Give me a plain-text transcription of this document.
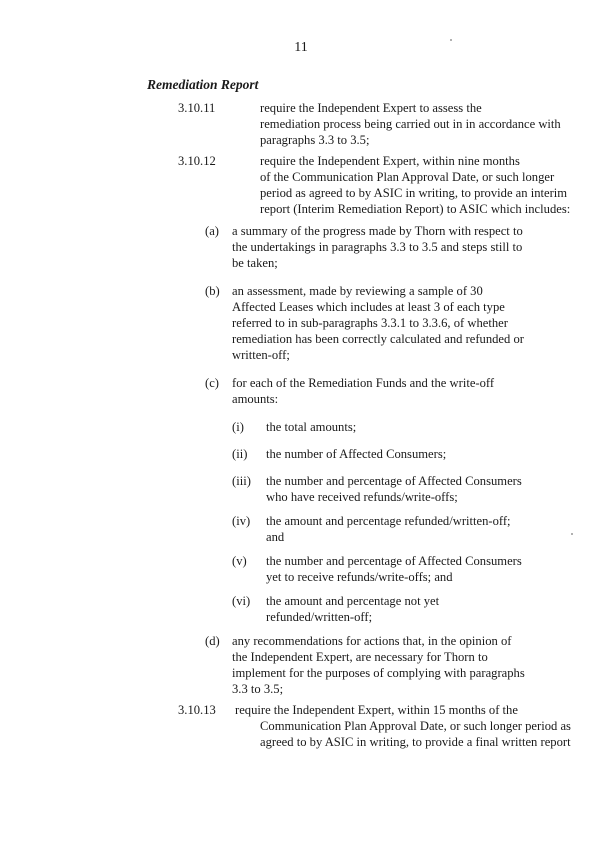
11
Remediation Report
3.10.11	require the Independent Expert to assess the
remediation process being carried out in in accordance with
paragraphs 3.3 to 3.5;
3.10.12	require the Independent Expert, within nine months
of the Communication Plan Approval Date, or such longer
period as agreed to by ASIC in writing, to provide an interim
report (Interim Remediation Report) to ASIC which includes:
(a) a summary of the progress made by Thorn with respect to
the undertakings in paragraphs 3.3 to 3.5 and steps still to
be taken;
(b) an assessment, made by reviewing a sample of 30
Affected Leases which includes at least 3 of each type
referred to in sub-paragraphs 3.3.1 to 3.3.6, of whether
remediation has been correctly calculated and refunded or
written-off;
(c) for each of the Remediation Funds and the write-off
amounts:
(i) the total amounts;
(ii) the number of Affected Consumers;
(iii) the number and percentage of Affected Consumers
who have received refunds/write-offs;
(iv) the amount and percentage refunded/written-off;
and
(v) the number and percentage of Affected Consumers
yet to receive refunds/write-offs; and
(vi) the amount and percentage not yet
refunded/written-off;
(d) any recommendations for actions that, in the opinion of
the Independent Expert, are necessary for Thorn to
implement for the purposes of complying with paragraphs
3.3 to 3.5;
3.10.13 require the Independent Expert, within 15 months of the
Communication Plan Approval Date, or such longer period as
agreed to by ASIC in writing, to provide a final written report
